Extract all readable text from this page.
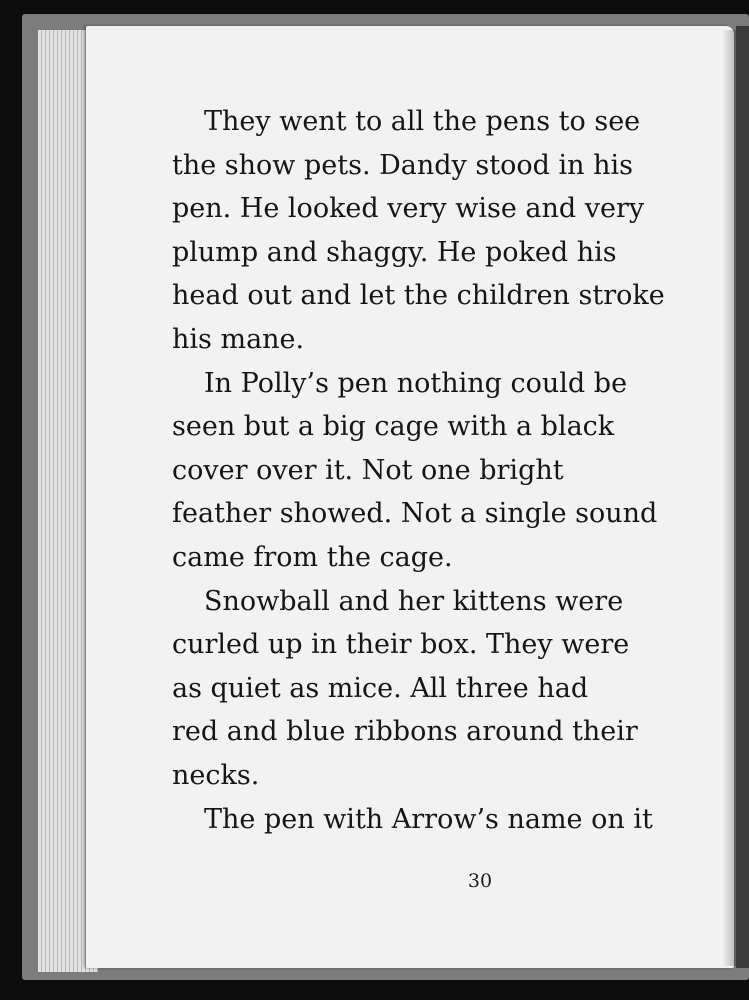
30

They went to all the pens to see
the show pets. Dandy stood in his
pen. He looked very wise and very
plump and shaggy. He poked his
head out and let the children stroke
his mane.

In Polly’s pen nothing could be
seen but a big cage with a black
cover over it. Not one bright
feather showed. Not a single sound
came from the cage.

Snowball and her kittens were
curled up in their box. They were
as quiet as mice. All three had
red and blue ribbons around their
necks.

The pen with Arrow’s name on it
